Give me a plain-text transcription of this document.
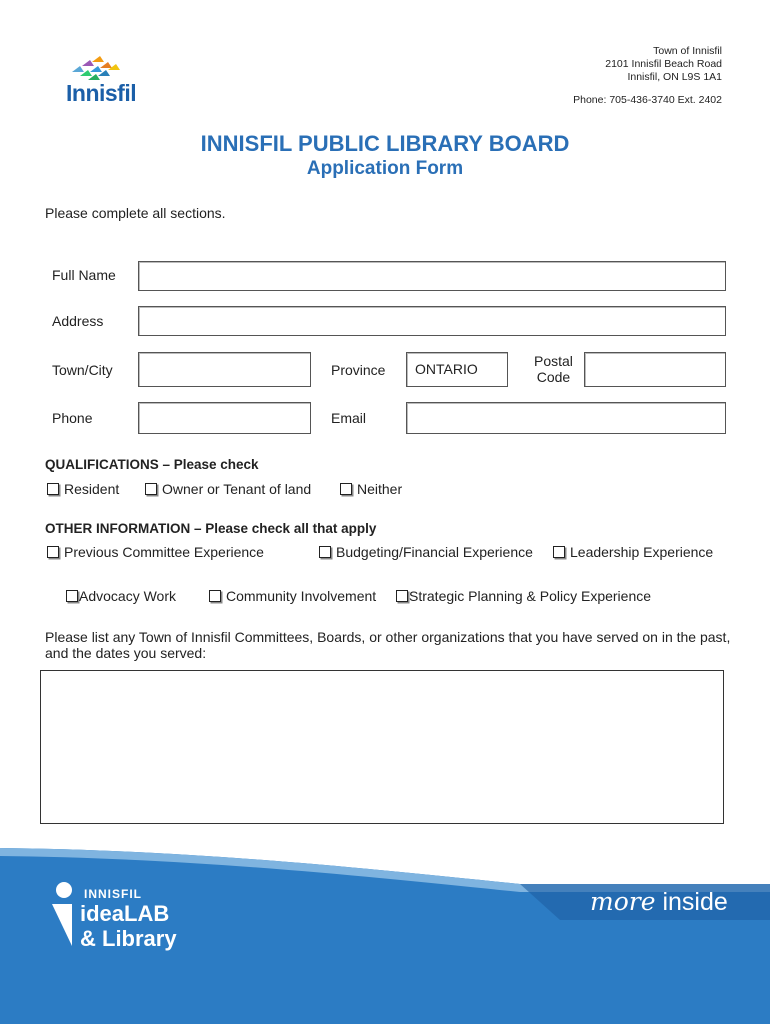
Innisfil
Town of Innisfil
2101 Innisfil Beach Road
Innisfil, ON L9S 1A1
Phone: 705-436-3740 Ext. 2402
INNISFIL PUBLIC LIBRARY BOARD
Application Form
Please complete all sections.
Full Name
Address
Town/City	Province	ONTARIO	Postal
Code
Phone	Email
QUALIFICATIONS – Please check
Resident	Owner or Tenant of land	Neither
OTHER INFORMATION – Please check all that apply
Previous Committee Experience	Budgeting/Financial Experience	Leadership Experience
Advocacy Work	Community Involvement	Strategic Planning & Policy Experience
Please list any Town of Innisfil Committees, Boards, or other organizations that you have served on in the past,
and the dates you served:
INNISFIL
ideaLAB
& Library
more inside
